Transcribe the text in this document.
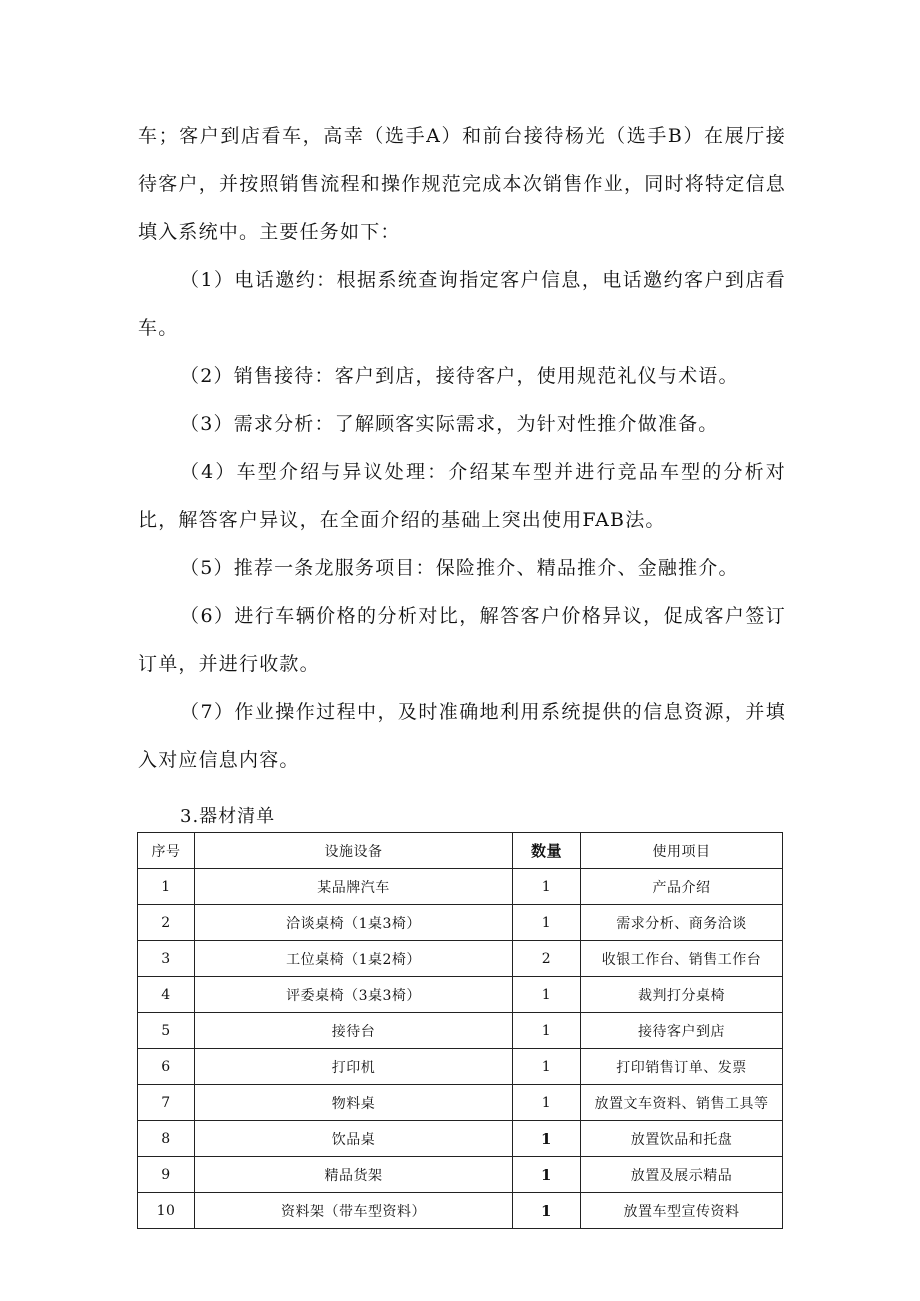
车；客户到店看车，高幸（选手A）和前台接待杨光（选手B）在展厅接待客户，并按照销售流程和操作规范完成本次销售作业，同时将特定信息填入系统中。主要任务如下：

（1）电话邀约：根据系统查询指定客户信息，电话邀约客户到店看车。

（2）销售接待：客户到店，接待客户，使用规范礼仪与术语。

（3）需求分析：了解顾客实际需求，为针对性推介做准备。

（4）车型介绍与异议处理：介绍某车型并进行竞品车型的分析对比，解答客户异议，在全面介绍的基础上突出使用FAB法。

（5）推荐一条龙服务项目：保险推介、精品推介、金融推介。

（6）进行车辆价格的分析对比，解答客户价格异议，促成客户签订订单，并进行收款。

（7）作业操作过程中，及时准确地利用系统提供的信息资源，并填入对应信息内容。

3.器材清单
序号	设施设备	数量	使用项目
1	某品牌汽车	1	产品介绍
2	洽谈桌椅（1桌3椅）	1	需求分析、商务洽谈
3	工位桌椅（1桌2椅）	2	收银工作台、销售工作台
4	评委桌椅（3桌3椅）	1	裁判打分桌椅
5	接待台	1	接待客户到店
6	打印机	1	打印销售订单、发票
7	物料桌	1	放置文车资料、销售工具等
8	饮品桌	1	放置饮品和托盘
9	精品货架	1	放置及展示精品
10	资料架（带车型资料）	1	放置车型宣传资料
